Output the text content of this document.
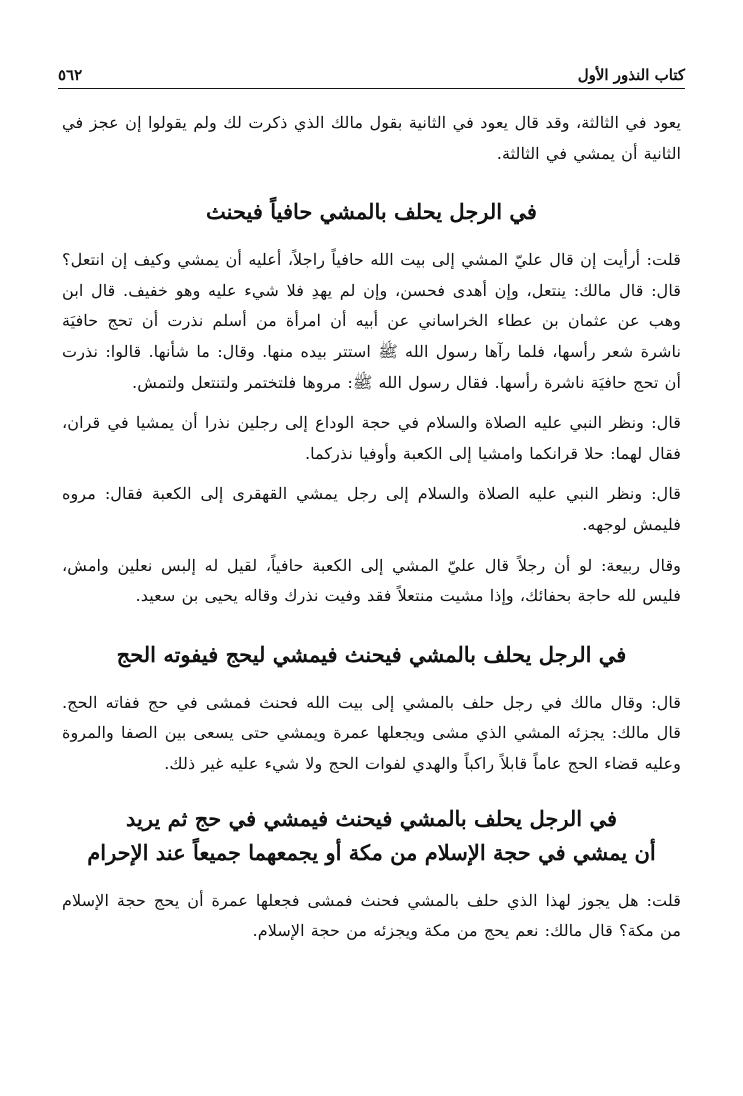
كتاب النذور الأول
٥٦٢

يعود في الثالثة، وقد قال يعود في الثانية بقول مالك الذي ذكرت لك ولم يقولوا إن عجز في الثانية أن يمشي في الثالثة.

في الرجل يحلف بالمشي حافياً فيحنث

قلت: أرأيت إن قال عليّ المشي إلى بيت الله حافياً راجلاً، أعليه أن يمشي وكيف إن انتعل؟ قال: قال مالك: ينتعل، وإن أهدى فحسن، وإن لم يهدِ فلا شيء عليه وهو خفيف. قال ابن وهب عن عثمان بن عطاء الخراساني عن أبيه أن امرأة من أسلم نذرت أن تحج حافيَة ناشرة شعر رأسها، فلما رآها رسول الله ﷺ استتر بيده منها. وقال: ما شأنها. قالوا: نذرت أن تحج حافيَة ناشرة رأسها. فقال رسول الله ﷺ: مروها فلتختمر ولتنتعل ولتمش.

قال: ونظر النبي عليه الصلاة والسلام في حجة الوداع إلى رجلين نذرا أن يمشيا في قران، فقال لهما: حلا قرانكما وامشيا إلى الكعبة وأوفيا نذركما.

قال: ونظر النبي عليه الصلاة والسلام إلى رجل يمشي القهقرى إلى الكعبة فقال: مروه فليمش لوجهه.

وقال ربيعة: لو أن رجلاً قال عليّ المشي إلى الكعبة حافياً، لقيل له إلبس نعلين وامش، فليس لله حاجة بحفائك، وإذا مشيت منتعلاً فقد وفيت نذرك وقاله يحيى بن سعيد.

في الرجل يحلف بالمشي فيحنث فيمشي ليحج فيفوته الحج

قال: وقال مالك في رجل حلف بالمشي إلى بيت الله فحنث فمشى في حج ففاته الحج. قال مالك: يجزئه المشي الذي مشى ويجعلها عمرة ويمشي حتى يسعى بين الصفا والمروة وعليه قضاء الحج عاماً قابلاً راكباً والهدي لفوات الحج ولا شيء عليه غير ذلك.

في الرجل يحلف بالمشي فيحنث فيمشي في حج ثم يريد
أن يمشي في حجة الإسلام من مكة أو يجمعهما جميعاً عند الإحرام

قلت: هل يجوز لهذا الذي حلف بالمشي فحنث فمشى فجعلها عمرة أن يحج حجة الإسلام من مكة؟ قال مالك: نعم يحج من مكة ويجزئه من حجة الإسلام.
